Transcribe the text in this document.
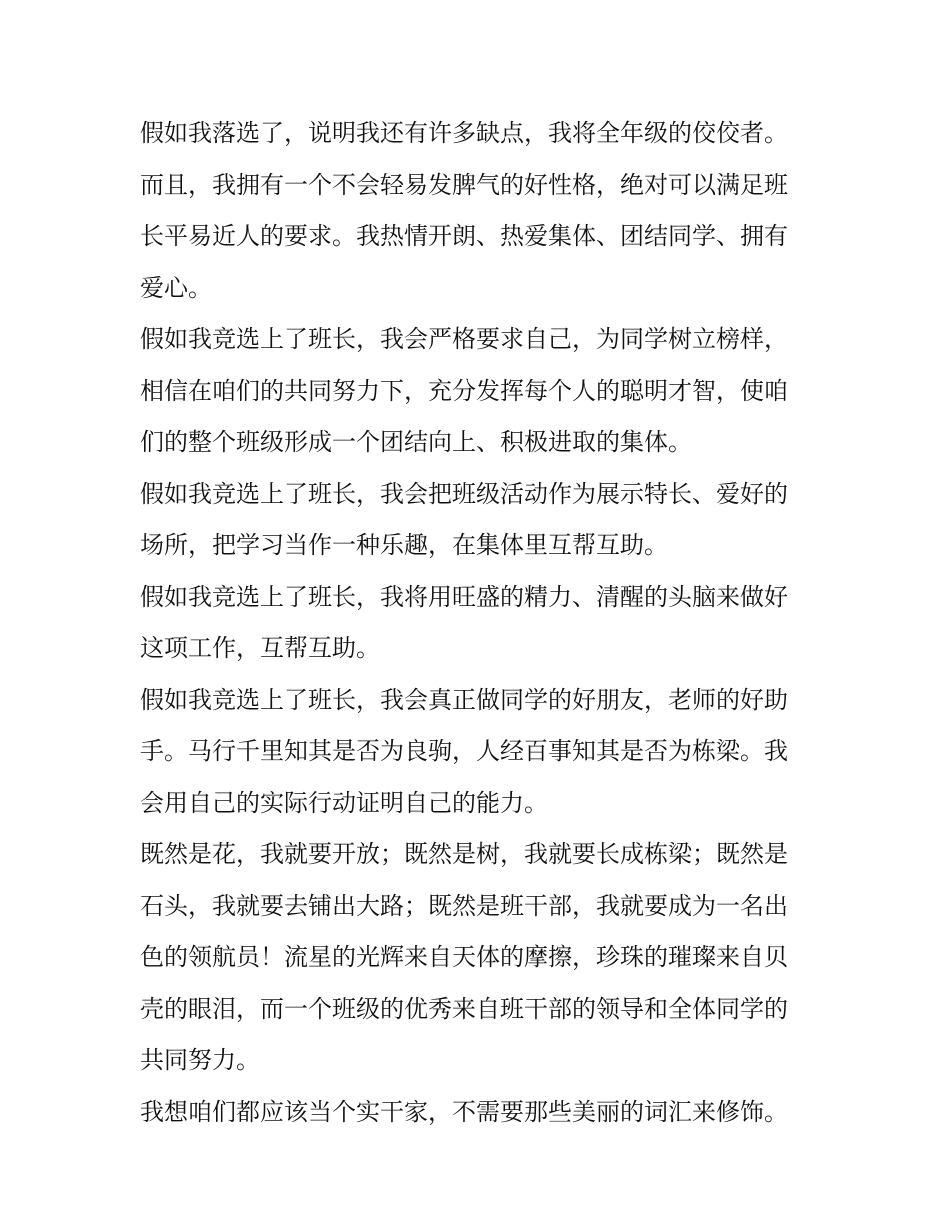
假如我落选了，说明我还有许多缺点，我将全年级的佼佼者。
而且，我拥有一个不会轻易发脾气的好性格，绝对可以满足班
长平易近人的要求。我热情开朗、热爱集体、团结同学、拥有
爱心。
假如我竞选上了班长，我会严格要求自己，为同学树立榜样，
相信在咱们的共同努力下，充分发挥每个人的聪明才智，使咱
们的整个班级形成一个团结向上、积极进取的集体。
假如我竞选上了班长，我会把班级活动作为展示特长、爱好的
场所，把学习当作一种乐趣，在集体里互帮互助。
假如我竞选上了班长，我将用旺盛的精力、清醒的头脑来做好
这项工作，互帮互助。
假如我竞选上了班长，我会真正做同学的好朋友，老师的好助
手。马行千里知其是否为良驹，人经百事知其是否为栋梁。我
会用自己的实际行动证明自己的能力。
既然是花，我就要开放；既然是树，我就要长成栋梁；既然是
石头，我就要去铺出大路；既然是班干部，我就要成为一名出
色的领航员！流星的光辉来自天体的摩擦，珍珠的璀璨来自贝
壳的眼泪，而一个班级的优秀来自班干部的领导和全体同学的
共同努力。
我想咱们都应该当个实干家，不需要那些美丽的词汇来修饰。
